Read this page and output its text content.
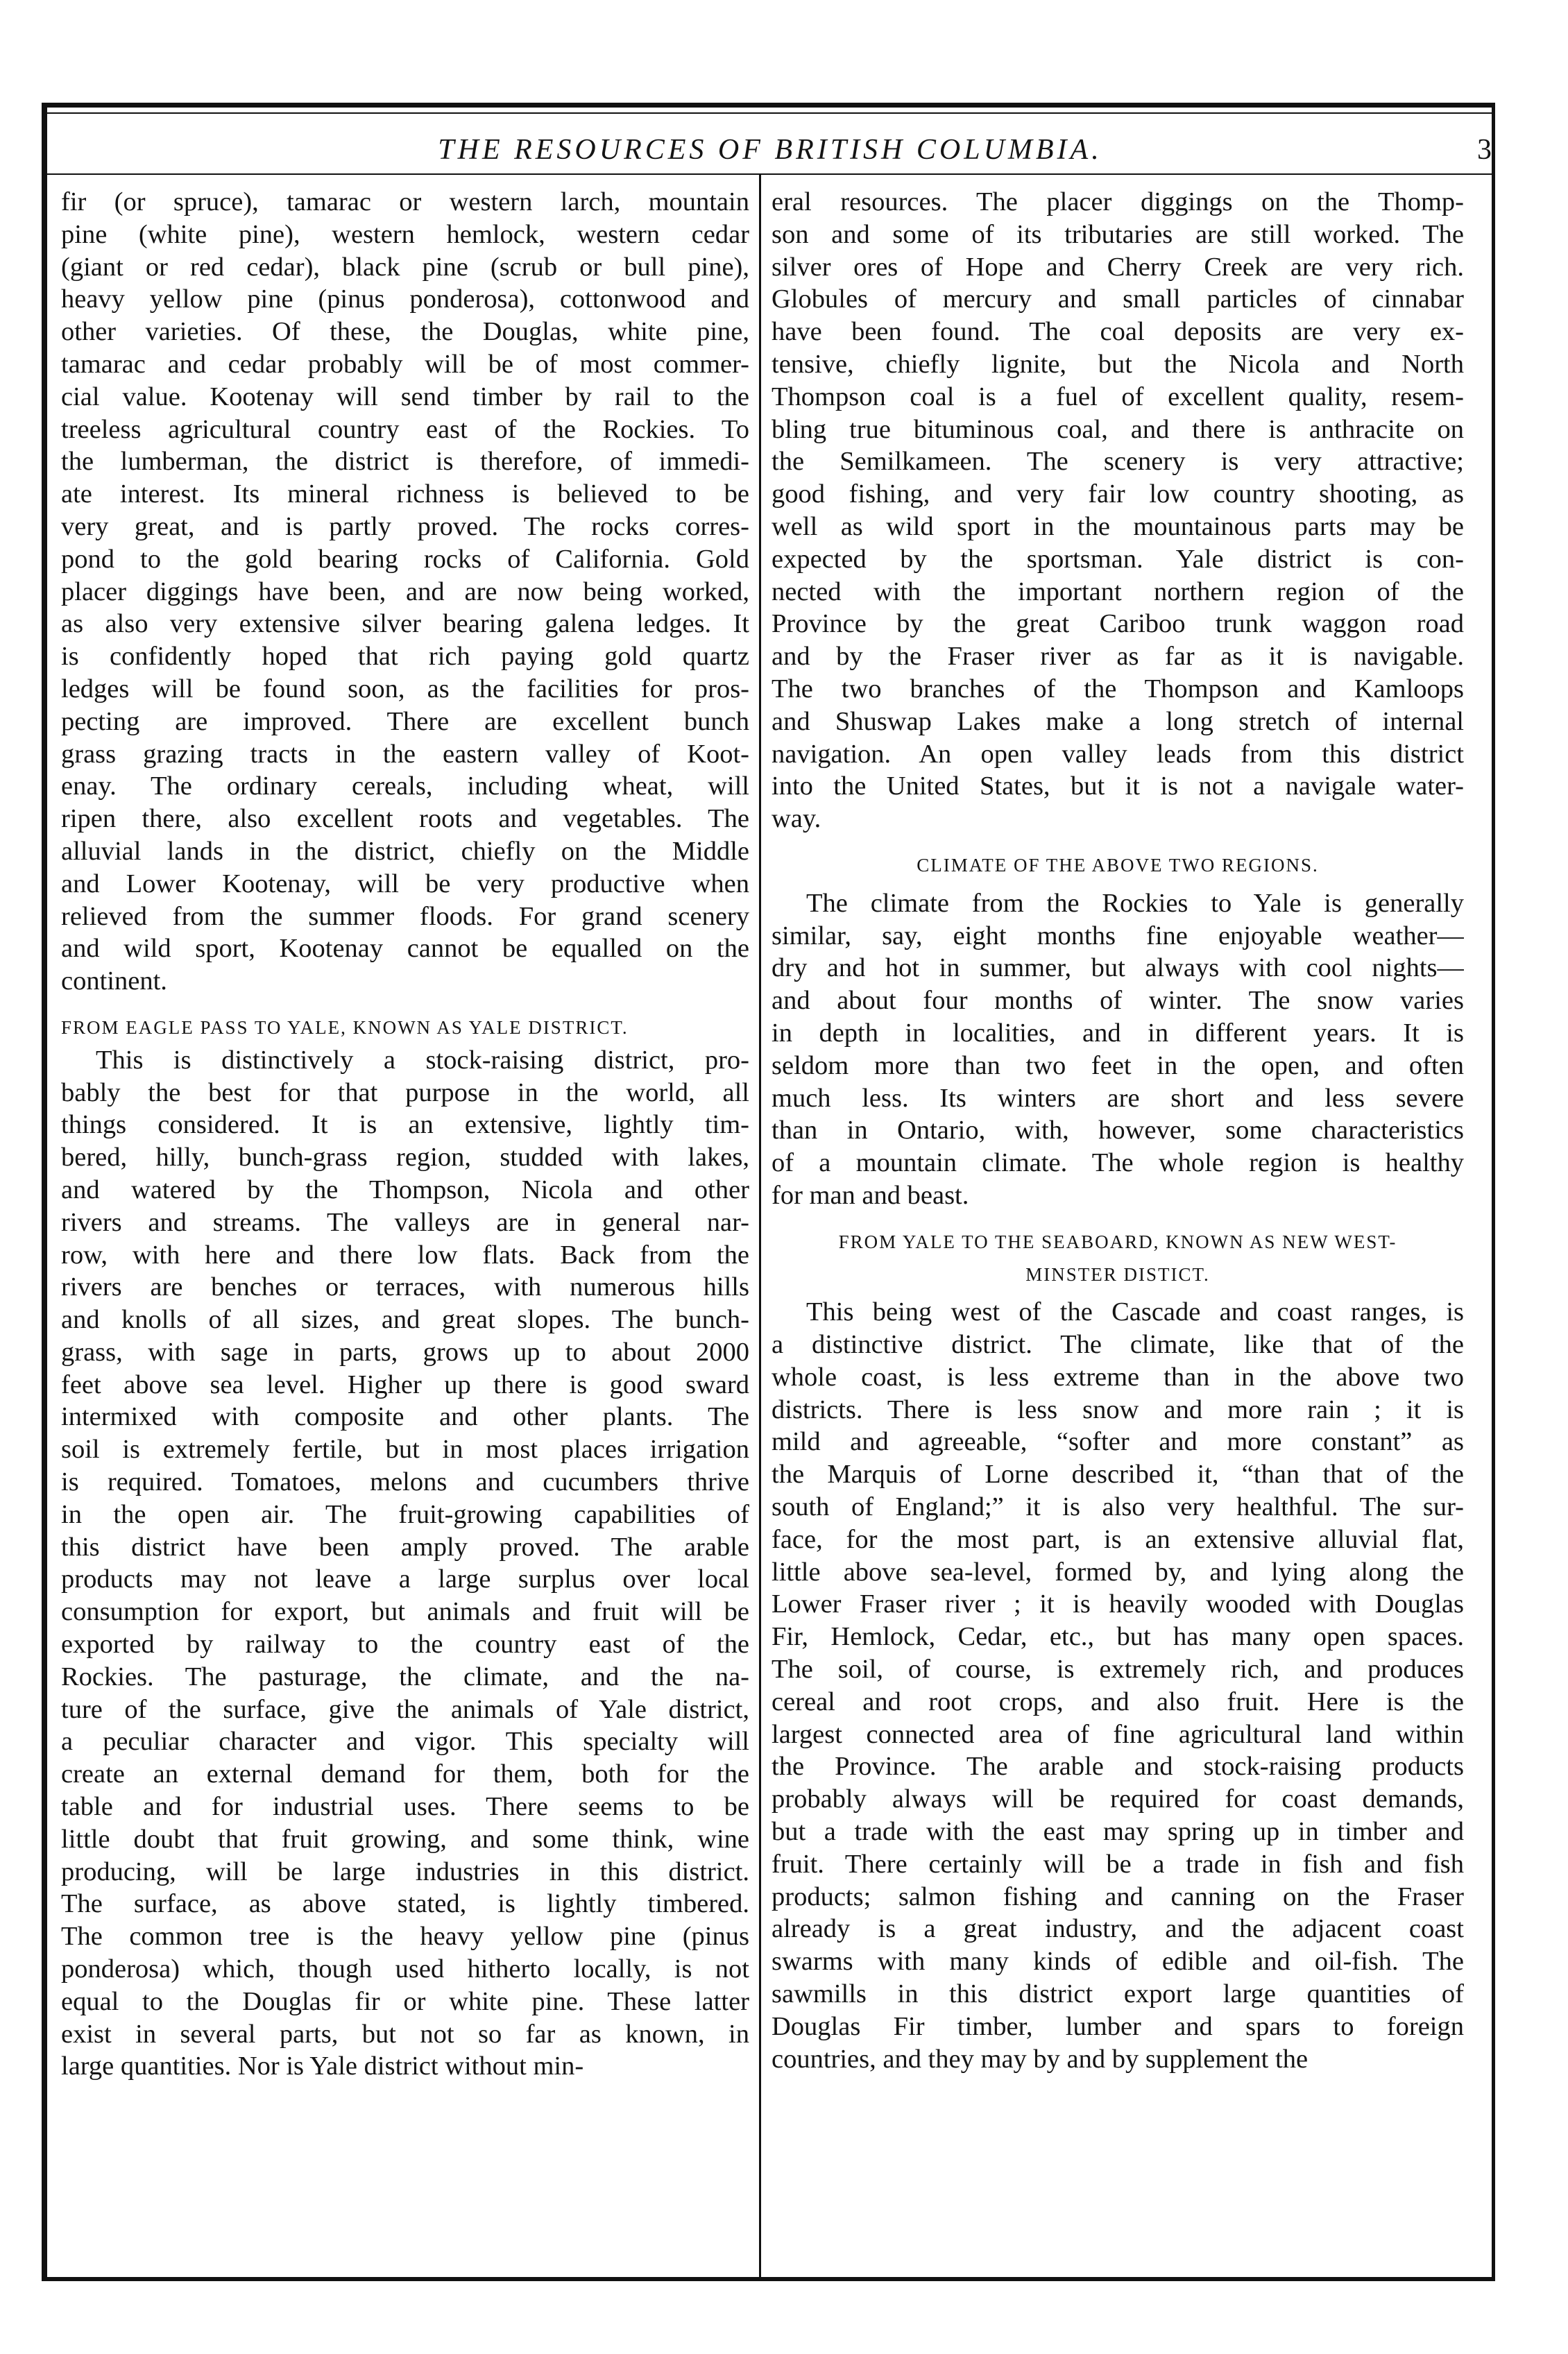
THE RESOURCES OF BRITISH COLUMBIA.	3
fir (or spruce), tamarac or western larch, mountain
pine (white pine), western hemlock, western cedar
(giant or red cedar), black pine (scrub or bull pine),
heavy yellow pine (pinus ponderosa), cottonwood and
other varieties. Of these, the Douglas, white pine,
tamarac and cedar probably will be of most commer-
cial value. Kootenay will send timber by rail to the
treeless agricultural country east of the Rockies. To
the lumberman, the district is therefore, of immedi-
ate interest. Its mineral richness is believed to be
very great, and is partly proved. The rocks corres-
pond to the gold bearing rocks of California. Gold
placer diggings have been, and are now being worked,
as also very extensive silver bearing galena ledges. It
is confidently hoped that rich paying gold quartz
ledges will be found soon, as the facilities for pros-
pecting are improved. There are excellent bunch
grass grazing tracts in the eastern valley of Koot-
enay. The ordinary cereals, including wheat, will
ripen there, also excellent roots and vegetables. The
alluvial lands in the district, chiefly on the Middle
and Lower Kootenay, will be very productive when
relieved from the summer floods. For grand scenery
and wild sport, Kootenay cannot be equalled on the
continent.
FROM EAGLE PASS TO YALE, KNOWN AS YALE DISTRICT.
This is distinctively a stock-raising district, pro-
bably the best for that purpose in the world, all
things considered. It is an extensive, lightly tim-
bered, hilly, bunch-grass region, studded with lakes,
and watered by the Thompson, Nicola and other
rivers and streams. The valleys are in general nar-
row, with here and there low flats. Back from the
rivers are benches or terraces, with numerous hills
and knolls of all sizes, and great slopes. The bunch-
grass, with sage in parts, grows up to about 2000
feet above sea level. Higher up there is good sward
intermixed with composite and other plants. The
soil is extremely fertile, but in most places irrigation
is required. Tomatoes, melons and cucumbers thrive
in the open air. The fruit-growing capabilities of
this district have been amply proved. The arable
products may not leave a large surplus over local
consumption for export, but animals and fruit will be
exported by railway to the country east of the
Rockies. The pasturage, the climate, and the na-
ture of the surface, give the animals of Yale district,
a peculiar character and vigor. This specialty will
create an external demand for them, both for the
table and for industrial uses. There seems to be
little doubt that fruit growing, and some think, wine
producing, will be large industries in this district.
The surface, as above stated, is lightly timbered.
The common tree is the heavy yellow pine (pinus
ponderosa) which, though used hitherto locally, is not
equal to the Douglas fir or white pine. These latter
exist in several parts, but not so far as known, in
large quantities. Nor is Yale district without min-
eral resources. The placer diggings on the Thomp-
son and some of its tributaries are still worked. The
silver ores of Hope and Cherry Creek are very rich.
Globules of mercury and small particles of cinnabar
have been found. The coal deposits are very ex-
tensive, chiefly lignite, but the Nicola and North
Thompson coal is a fuel of excellent quality, resem-
bling true bituminous coal, and there is anthracite on
the Semilkameen. The scenery is very attractive;
good fishing, and very fair low country shooting, as
well as wild sport in the mountainous parts may be
expected by the sportsman. Yale district is con-
nected with the important northern region of the
Province by the great Cariboo trunk waggon road
and by the Fraser river as far as it is navigable.
The two branches of the Thompson and Kamloops
and Shuswap Lakes make a long stretch of internal
navigation. An open valley leads from this district
into the United States, but it is not a navigale water-
way.
CLIMATE OF THE ABOVE TWO REGIONS.
The climate from the Rockies to Yale is generally
similar, say, eight months fine enjoyable weather—
dry and hot in summer, but always with cool nights—
and about four months of winter. The snow varies
in depth in localities, and in different years. It is
seldom more than two feet in the open, and often
much less. Its winters are short and less severe
than in Ontario, with, however, some characteristics
of a mountain climate. The whole region is healthy
for man and beast.
FROM YALE TO THE SEABOARD, KNOWN AS NEW WEST-
MINSTER DISTICT.
This being west of the Cascade and coast ranges, is
a distinctive district. The climate, like that of the
whole coast, is less extreme than in the above two
districts. There is less snow and more rain ; it is
mild and agreeable, “softer and more constant” as
the Marquis of Lorne described it, “than that of the
south of England;” it is also very healthful. The sur-
face, for the most part, is an extensive alluvial flat,
little above sea-level, formed by, and lying along the
Lower Fraser river ; it is heavily wooded with Douglas
Fir, Hemlock, Cedar, etc., but has many open spaces.
The soil, of course, is extremely rich, and produces
cereal and root crops, and also fruit. Here is the
largest connected area of fine agricultural land within
the Province. The arable and stock-raising products
probably always will be required for coast demands,
but a trade with the east may spring up in timber and
fruit. There certainly will be a trade in fish and fish
products; salmon fishing and canning on the Fraser
already is a great industry, and the adjacent coast
swarms with many kinds of edible and oil-fish. The
sawmills in this district export large quantities of
Douglas Fir timber, lumber and spars to foreign
countries, and they may by and by supplement the
